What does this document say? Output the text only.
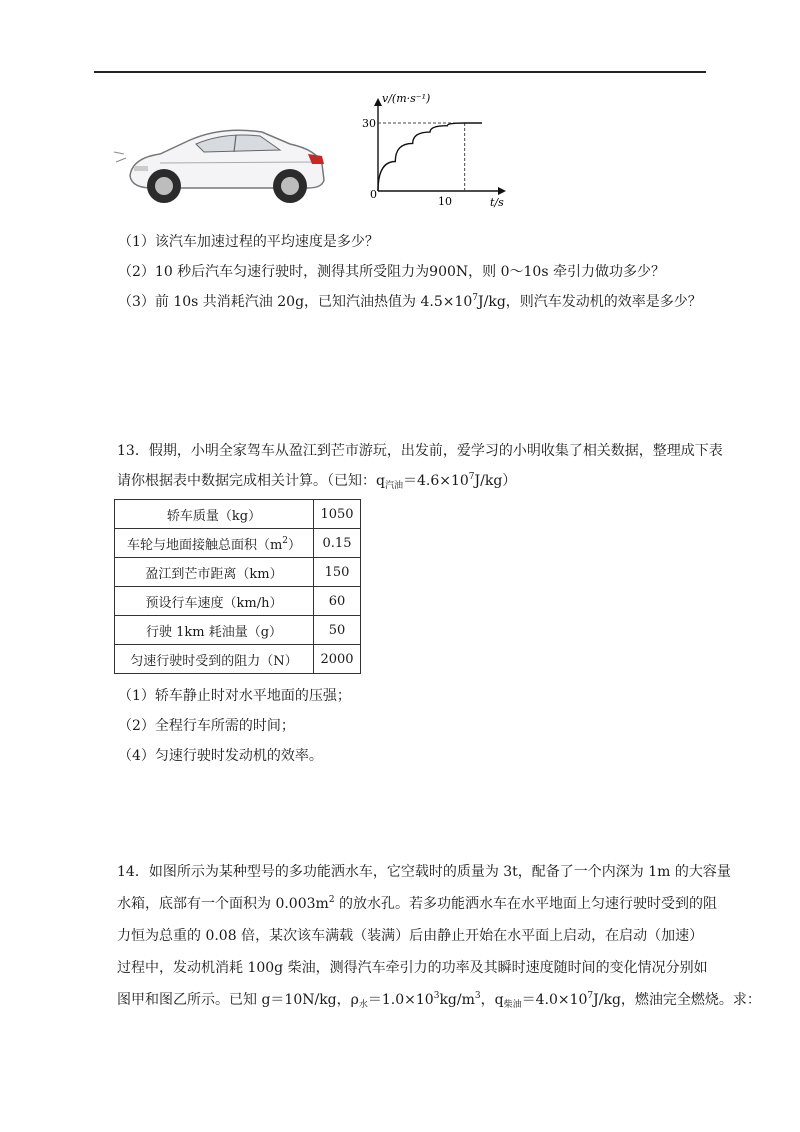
v/(m·s⁻¹)
t/s
30
10
0
（1）该汽车加速过程的平均速度是多少？
（2）10 秒后汽车匀速行驶时，测得其所受阻力为900N，则 0～10s 牵引力做功多少？
（3）前 10s 共消耗汽油 20g，已知汽油热值为 $4.5\times 10^7J/kg$，则汽车发动机的效率是多少？
13．假期，小明全家驾车从盈江到芒市游玩，出发前，爱学习的小明收集了相关数据，整理成下表
请你根据表中数据完成相关计算。（已知：$q_{汽油}=4.6\times 10^7J/kg$）
轿车质量（kg）	1050
车轮与地面接触总面积$(m^2)$	0.15
盈江到芒市距离（km）	150
预设行车速度（km/h）	60
行驶 1km 耗油量（g）	50
匀速行驶时受到的阻力（N）	2000
（1）轿车静止时对水平地面的压强；
（2）全程行车所需的时间；
（4）匀速行驶时发动机的效率。
14．如图所示为某种型号的多功能洒水车，它空载时的质量为 3t，配备了一个内深为 1m 的大容量
水箱，底部有一个面积为 $0.003m^2$ 的放水孔。若多功能洒水车在水平地面上匀速行驶时受到的阻
力恒为总重的 0.08 倍，某次该车满载（装满）后由静止开始在水平面上启动，在启动（加速）
过程中，发动机消耗 100g 柴油，测得汽车牵引力的功率及其瞬时速度随时间的变化情况分别如
图甲和图乙所示。已知 g＝10N/kg，$\rho_水=1.0\times 10^3kg/m^3$，$q_{柴油}=4.0\times 10^7J/kg$，燃油完全燃烧。求：
